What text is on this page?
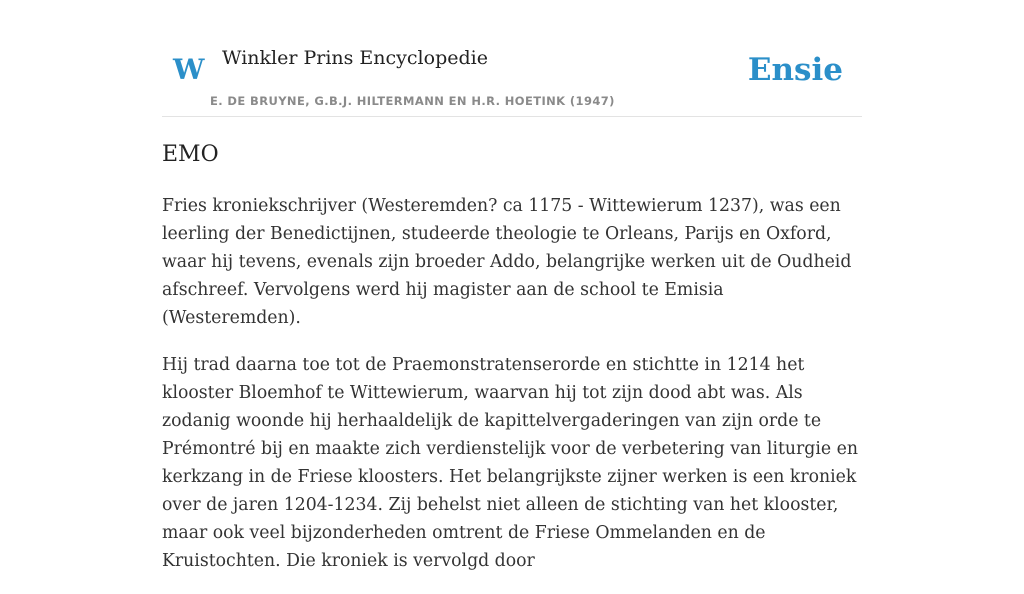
W Winkler Prins Encyclopedie
E. DE BRUYNE, G.B.J. HILTERMANN EN H.R. HOETINK (1947)
Ensie
EMO

Fries kroniekschrijver (Westeremden? ca 1175 - Wittewierum 1237), was een leerling der Benedictijnen, studeerde theologie te Orleans, Parijs en Oxford, waar hij tevens, evenals zijn broeder Addo, belangrijke werken uit de Oudheid afschreef. Vervolgens werd hij magister aan de school te Emisia (Westeremden).

Hij trad daarna toe tot de Praemonstratenserorde en stichtte in 1214 het klooster Bloemhof te Wittewierum, waarvan hij tot zijn dood abt was. Als zodanig woonde hij herhaaldelijk de kapittelvergaderingen van zijn orde te Prémontré bij en maakte zich verdienstelijk voor de verbetering van liturgie en kerkzang in de Friese kloosters. Het belangrijkste zijner werken is een kroniek over de jaren 1204-1234. Zij behelst niet alleen de stichting van het klooster, maar ook veel bijzonderheden omtrent de Friese Ommelanden en de Kruistochten. Die kroniek is vervolgd door
